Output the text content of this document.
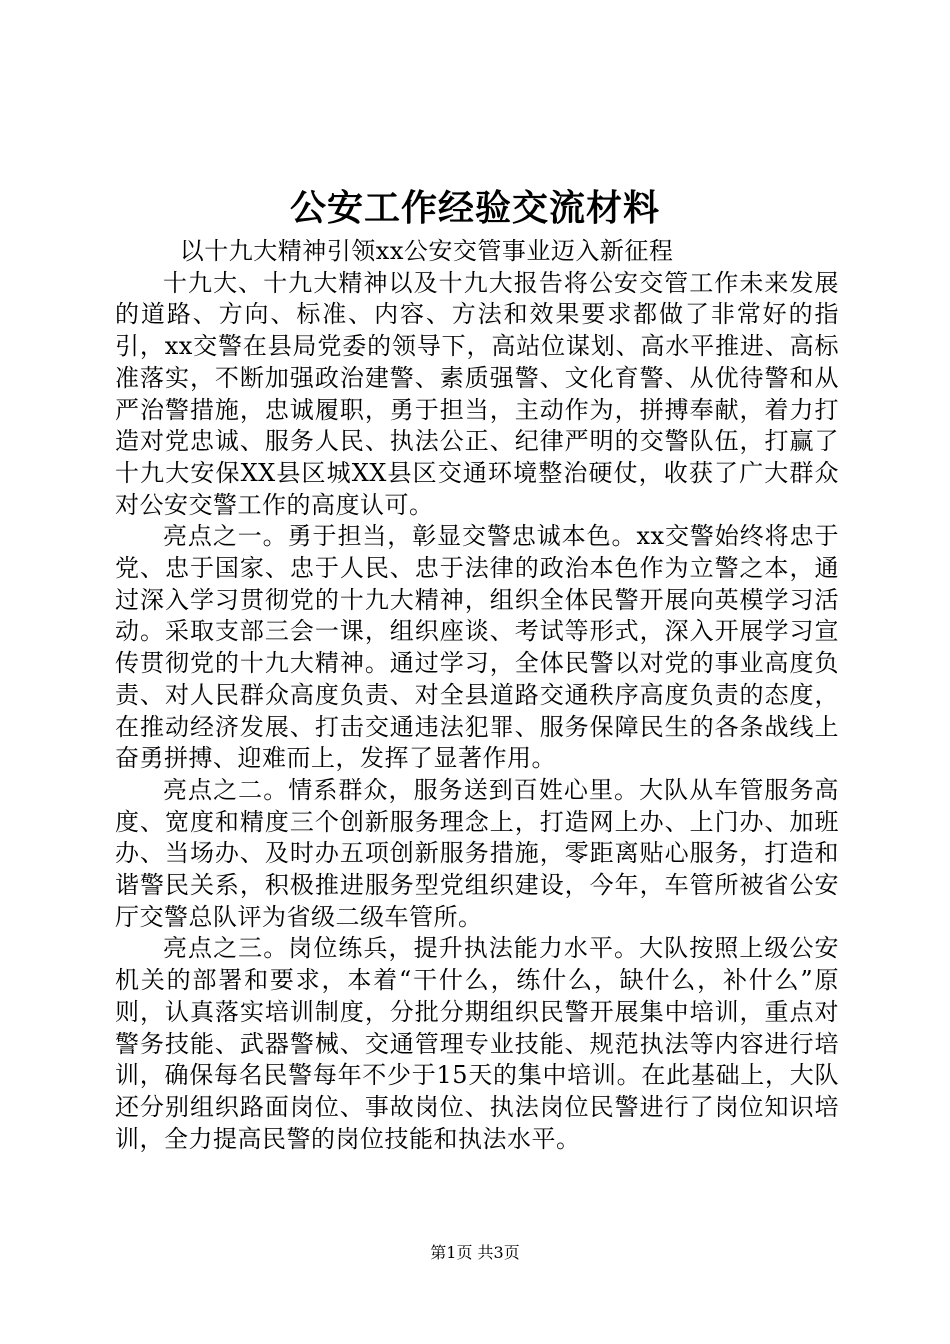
公安工作经验交流材料

以十九大精神引领xx公安交管事业迈入新征程

十九大、十九大精神以及十九大报告将公安交管工作未来发展的道路、方向、标准、内容、方法和效果要求都做了非常好的指引，xx交警在县局党委的领导下，高站位谋划、高水平推进、高标准落实，不断加强政治建警、素质强警、文化育警、从优待警和从严治警措施，忠诚履职，勇于担当，主动作为，拼搏奉献，着力打造对党忠诚、服务人民、执法公正、纪律严明的交警队伍，打赢了十九大安保XX县区城XX县区交通环境整治硬仗，收获了广大群众对公安交警工作的高度认可。

亮点之一。勇于担当，彰显交警忠诚本色。xx交警始终将忠于党、忠于国家、忠于人民、忠于法律的政治本色作为立警之本，通过深入学习贯彻党的十九大精神，组织全体民警开展向英模学习活动。采取支部三会一课，组织座谈、考试等形式，深入开展学习宣传贯彻党的十九大精神。通过学习，全体民警以对党的事业高度负责、对人民群众高度负责、对全县道路交通秩序高度负责的态度，在推动经济发展、打击交通违法犯罪、服务保障民生的各条战线上奋勇拼搏、迎难而上，发挥了显著作用。

亮点之二。情系群众，服务送到百姓心里。大队从车管服务高度、宽度和精度三个创新服务理念上，打造网上办、上门办、加班办、当场办、及时办五项创新服务措施，零距离贴心服务，打造和谐警民关系，积极推进服务型党组织建设，今年，车管所被省公安厅交警总队评为省级二级车管所。

亮点之三。岗位练兵，提升执法能力水平。大队按照上级公安机关的部署和要求，本着“干什么，练什么，缺什么，补什么”原则，认真落实培训制度，分批分期组织民警开展集中培训，重点对警务技能、武器警械、交通管理专业技能、规范执法等内容进行培训，确保每名民警每年不少于15天的集中培训。在此基础上，大队还分别组织路面岗位、事故岗位、执法岗位民警进行了岗位知识培训，全力提高民警的岗位技能和执法水平。

第1页 共3页
